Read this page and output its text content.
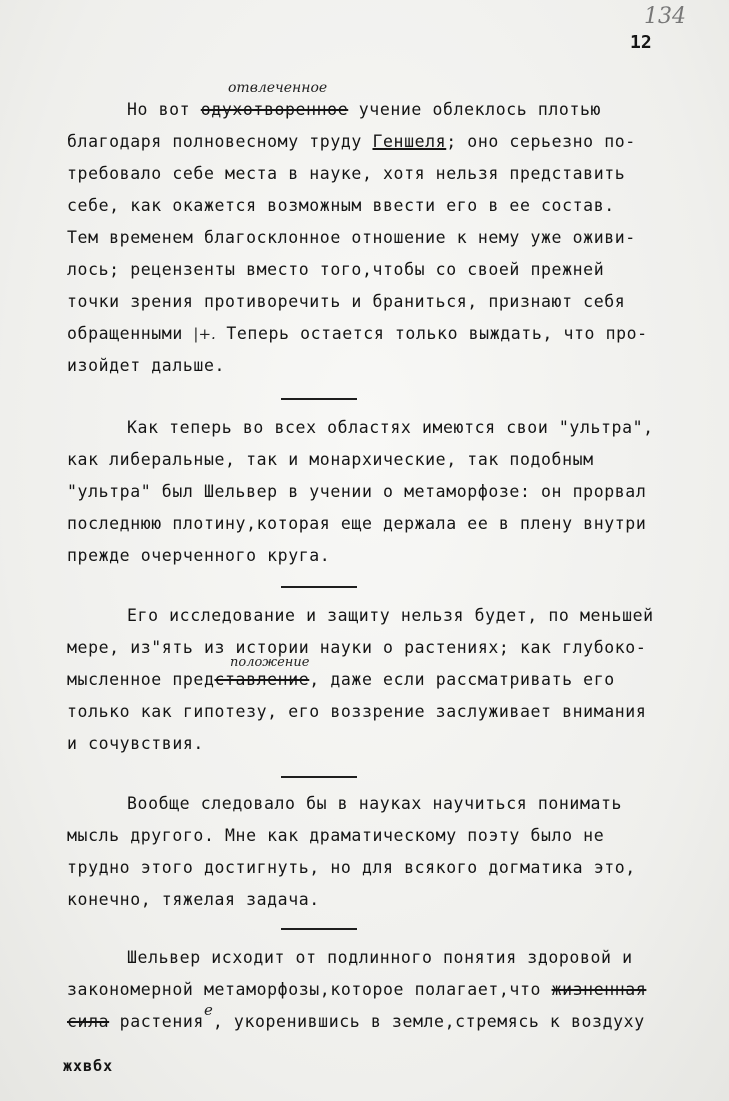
134
12
отвлеченное
Но вот одухотворенное учение облеклось плотью
благодаря полновесному труду Геншеля; оно серьезно по-
требовало себе места в науке, хотя нельзя представить
себе, как окажется возможным ввести его в ее состав.
Тем временем благосклонное отношение к нему уже оживи-
лось; рецензенты вместо того,чтобы со своей прежней
точки зрения противоречить и браниться, признают себя
обращенными |+. Теперь остается только выждать, что про-
изойдет дальше.
Как теперь во всех областях имеются свои "ультра",
как либеральные, так и монархические, так подобным
"ультра" был Шельвер в учении о метаморфозе: он прорвал
последнюю плотину,которая еще держала ее в плену внутри
прежде очерченного круга.
Его исследование и защиту нельзя будет, по меньшей
мере, из"ять из истории науки о растениях; как глубоко-
положение
мысленное представление, даже если рассматривать его
только как гипотезу, его воззрение заслуживает внимания
и сочувствия.
Вообще следовало бы в науках научиться понимать
мысль другого. Мне как драматическому поэту было не
трудно этого достигнуть, но для всякого догматика это,
конечно, тяжелая задача.
Шельвер исходит от подлинного понятия здоровой и
закономерной метаморфозы,которое полагает,что жизненная
сила растенияе, укоренившись в земле,стремясь к воздуху
жхвбх
